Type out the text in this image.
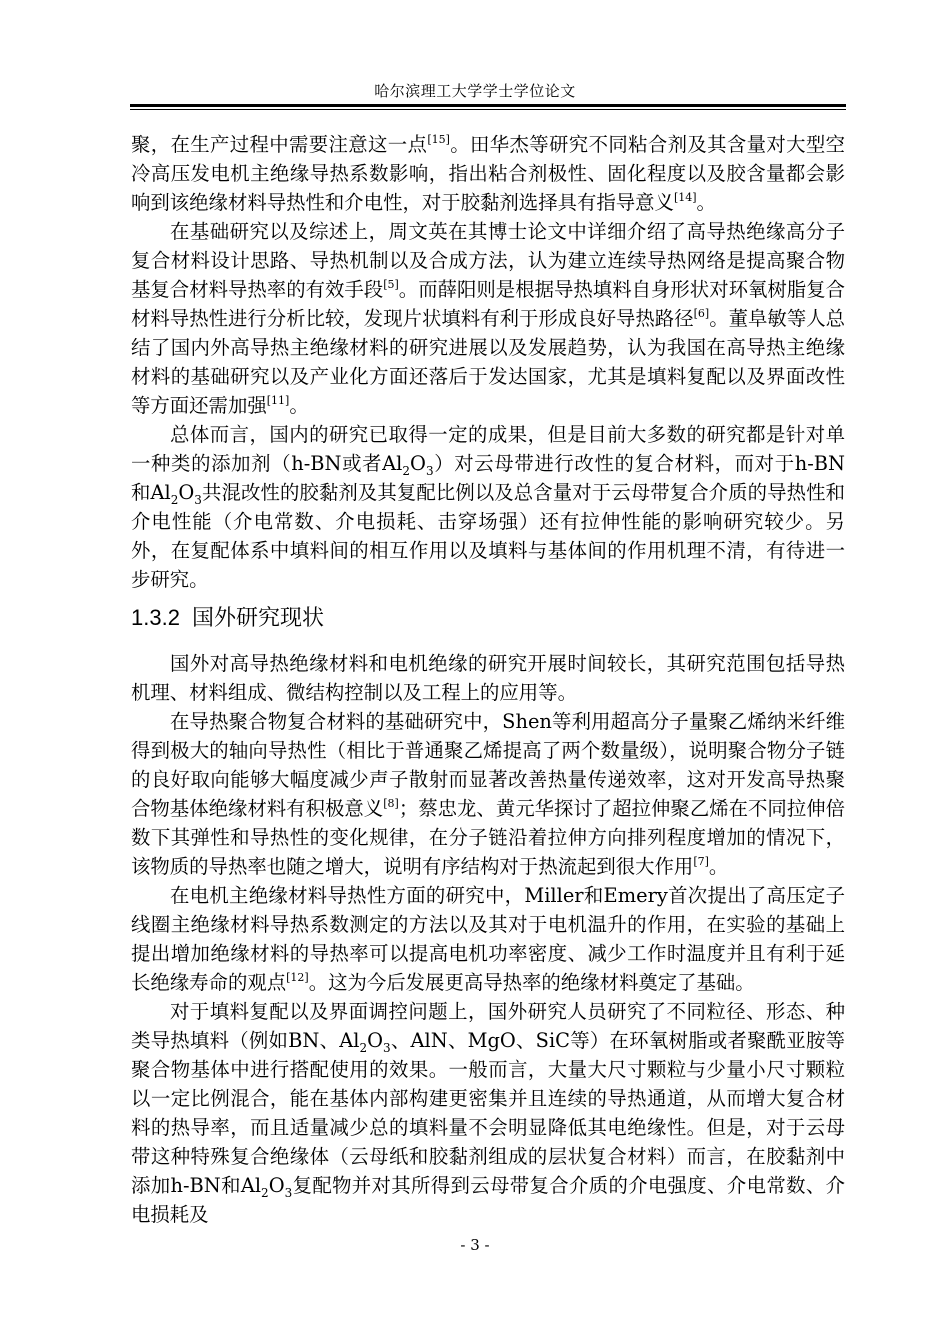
哈尔滨理工大学学士学位论文

聚，在生产过程中需要注意这一点[15]。田华杰等研究不同粘合剂及其含量对大型空冷高压发电机主绝缘导热系数影响，指出粘合剂极性、固化程度以及胶含量都会影响到该绝缘材料导热性和介电性，对于胶黏剂选择具有指导意义[14]。

在基础研究以及综述上，周文英在其博士论文中详细介绍了高导热绝缘高分子复合材料设计思路、导热机制以及合成方法，认为建立连续导热网络是提高聚合物基复合材料导热率的有效手段[5]。而薛阳则是根据导热填料自身形状对环氧树脂复合材料导热性进行分析比较，发现片状填料有利于形成良好导热路径[6]。董阜敏等人总结了国内外高导热主绝缘材料的研究进展以及发展趋势，认为我国在高导热主绝缘材料的基础研究以及产业化方面还落后于发达国家，尤其是填料复配以及界面改性等方面还需加强[11]。

总体而言，国内的研究已取得一定的成果，但是目前大多数的研究都是针对单一种类的添加剂（h-BN或者$Al_2O_3$）对云母带进行改性的复合材料，而对于h-BN和$Al_2O_3$共混改性的胶黏剂及其复配比例以及总含量对于云母带复合介质的导热性和介电性能（介电常数、介电损耗、击穿场强）还有拉伸性能的影响研究较少。另外，在复配体系中填料间的相互作用以及填料与基体间的作用机理不清，有待进一步研究。

1.3.2 国外研究现状

国外对高导热绝缘材料和电机绝缘的研究开展时间较长，其研究范围包括导热机理、材料组成、微结构控制以及工程上的应用等。

在导热聚合物复合材料的基础研究中，Shen等利用超高分子量聚乙烯纳米纤维得到极大的轴向导热性（相比于普通聚乙烯提高了两个数量级），说明聚合物分子链的良好取向能够大幅度减少声子散射而显著改善热量传递效率，这对开发高导热聚合物基体绝缘材料有积极意义[8]；蔡忠龙、黄元华探讨了超拉伸聚乙烯在不同拉伸倍数下其弹性和导热性的变化规律，在分子链沿着拉伸方向排列程度增加的情况下，该物质的导热率也随之增大，说明有序结构对于热流起到很大作用[7]。

在电机主绝缘材料导热性方面的研究中，Miller和Emery首次提出了高压定子线圈主绝缘材料导热系数测定的方法以及其对于电机温升的作用，在实验的基础上提出增加绝缘材料的导热率可以提高电机功率密度、减少工作时温度并且有利于延长绝缘寿命的观点[12]。这为今后发展更高导热率的绝缘材料奠定了基础。

对于填料复配以及界面调控问题上，国外研究人员研究了不同粒径、形态、种类导热填料（例如BN、$Al_2O_3$、AlN、MgO、SiC等）在环氧树脂或者聚酰亚胺等聚合物基体中进行搭配使用的效果。一般而言，大量大尺寸颗粒与少量小尺寸颗粒以一定比例混合，能在基体内部构建更密集并且连续的导热通道，从而增大复合材料的热导率，而且适量减少总的填料量不会明显降低其电绝缘性。但是，对于云母带这种特殊复合绝缘体（云母纸和胶黏剂组成的层状复合材料）而言，在胶黏剂中添加h-BN和$Al_2O_3$复配物并对其所得到云母带复合介质的介电强度、介电常数、介电损耗及

- 3 -
